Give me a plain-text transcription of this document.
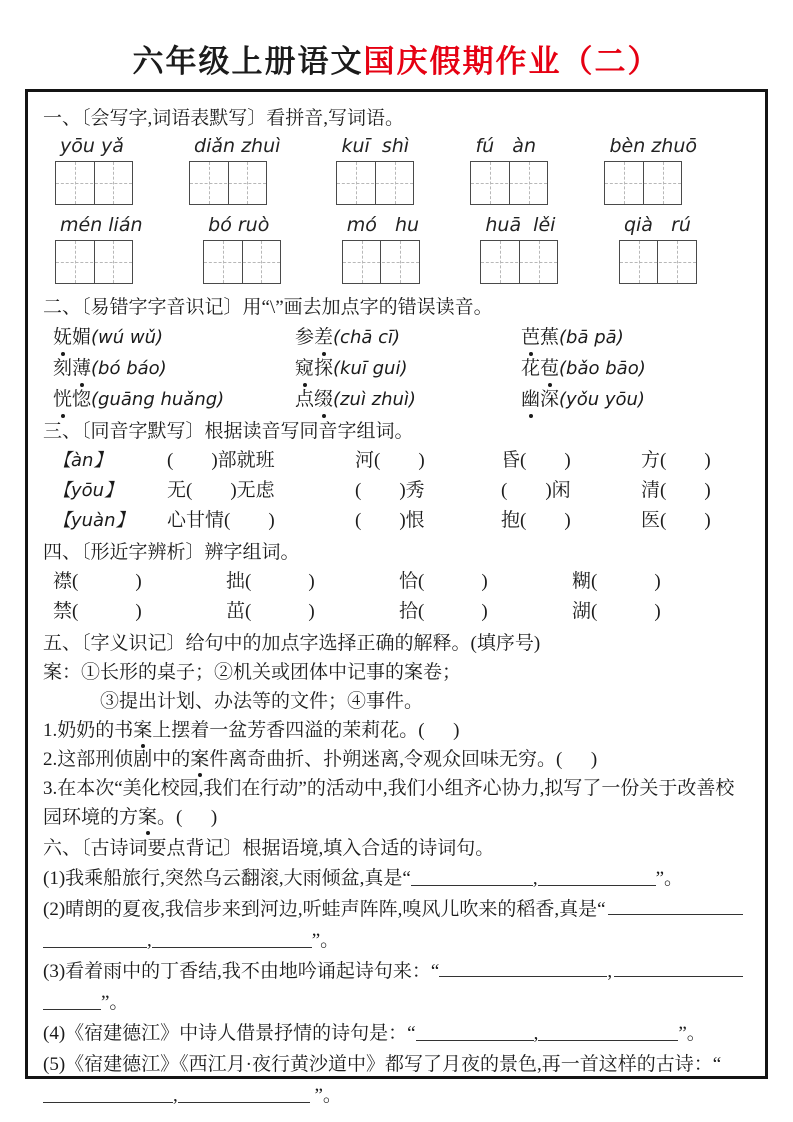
六年级上册语文国庆假期作业（二）

一、〔会写字,词语表默写〕看拼音,写词语。

yōu yǎ	diǎn zhuì	kuī  shì	fú   àn	bèn zhuō
mén lián	bó ruò	mó   hu	huā  lěi	qià   rú

二、〔易错字字音识记〕用“\”画去加点字的错误读音。

妩媚(wú wǔ)	参差(chā cī)	芭蕉(bā pā)
刻薄(bó báo)	窥探(kuī gui)	花苞(bǎo bāo)
恍惚(guāng huǎng)	点缀(zuì zhuì)	幽深(yǒu yōu)

三、〔同音字默写〕根据读音写同音字组词。

【àn】	(        )部就班	河(        )	昏(        )	方(        )
【yōu】	无(        )无虑	(        )秀	(        )闲	清(        )
【yuàn】	心甘情(        )	(        )恨	抱(        )	医(        )

四、〔形近字辨析〕辨字组词。

襟(            )	拙(            )	恰(            )	糊(            )
禁(            )	茁(            )	拾(            )	湖(            )

五、〔字义识记〕给句中的加点字选择正确的解释。(填序号)

案：①长形的桌子；②机关或团体中记事的案卷；

③提出计划、办法等的文件；④事件。

1.奶奶的书案上摆着一盆芳香四溢的茉莉花。(      )

2.这部刑侦剧中的案件离奇曲折、扑朔迷离,令观众回味无穷。(      )

3.在本次“美化校园,我们在行动”的活动中,我们小组齐心协力,拟写了一份关于改善校园环境的方案。(      )

六、〔古诗词要点背记〕根据语境,填入合适的诗词句。

(1)我乘船旅行,突然乌云翻滚,大雨倾盆,真是“	,	”。

(2)晴朗的夏夜,我信步来到河边,听蛙声阵阵,嗅风儿吹来的稻香,真是“

,	”。

(3)看着雨中的丁香结,我不由地吟诵起诗句来：“	,

”。

(4)《宿建德江》中诗人借景抒情的诗句是：“	,	”。

(5)《宿建德江》《西江月·夜行黄沙道中》都写了月夜的景色,再一首这样的古诗：“,	”。
